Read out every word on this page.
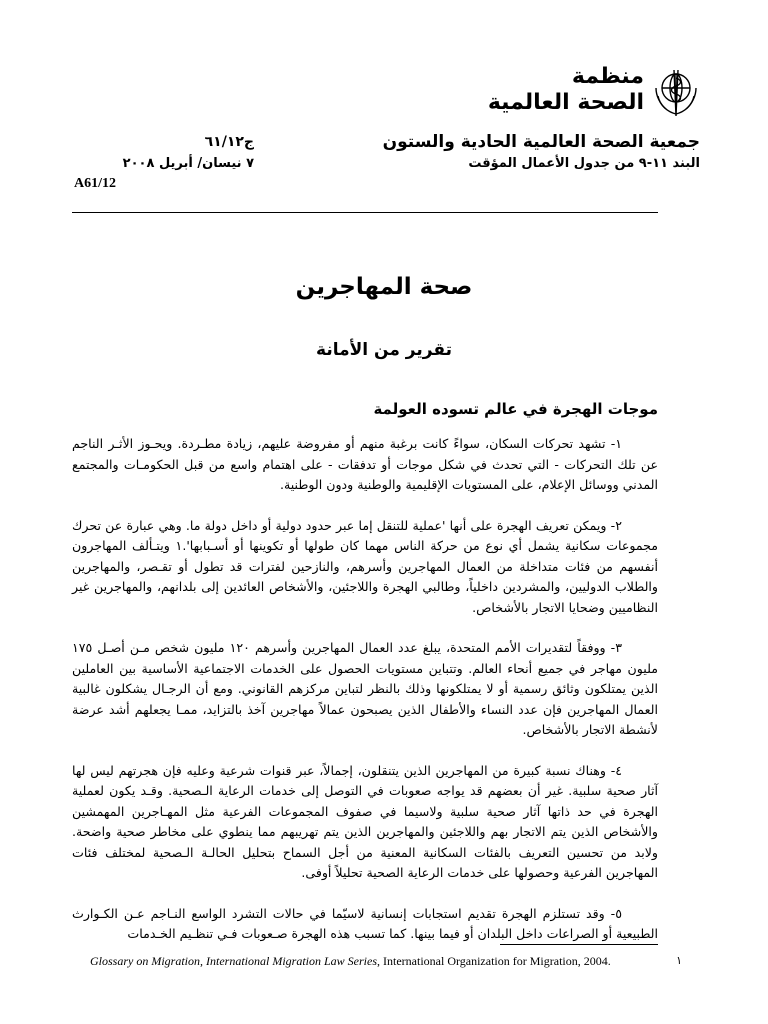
منظمة
الصحة العالمية
جمعية الصحة العالمية الحادية والستون
البند ١١-٩ من جدول الأعمال المؤقت
ج٦١/١٢
٧ نيسان/ أبريل ٢٠٠٨
A61/12
صحة المهاجرين
تقرير من الأمانة
موجات الهجرة في عالم تسوده العولمة

١- تشهد تحركات السكان، سواءً كانت برغبة منهم أو مفروضة عليهم، زيادة مطـردة. ويحـوز الأثـر الناجم عن تلك التحركات - التي تحدث في شكل موجات أو تدفقات - على اهتمام واسع من قبل الحكومـات والمجتمع المدني ووسائل الإعلام، على المستويات الإقليمية والوطنية ودون الوطنية.

٢- ويمكن تعريف الهجرة على أنها 'عملية للتنقل إما عبر حدود دولية أو داخل دولة ما. وهي عبارة عن تحرك مجموعات سكانية يشمل أي نوع من حركة الناس مهما كان طولها أو تكوينها أو أسـبابها'.١ ويتـألف المهاجرون أنفسهم من فئات متداخلة من العمال المهاجرين وأسرهم، والنازحين لفترات قد تطول أو تقـصر، والمهاجرين والطلاب الدوليين، والمشردين داخلياً، وطالبي الهجرة واللاجئين، والأشخاص العائدين إلى بلدانهم، والمهاجرين غير النظاميين وضحايا الاتجار بالأشخاص.

٣- ووفقاً لتقديرات الأمم المتحدة، يبلغ عدد العمال المهاجرين وأسرهم ١٢٠ مليون شخص مـن أصـل ١٧٥ مليون مهاجر في جميع أنحاء العالم. وتتباين مستويات الحصول على الخدمات الاجتماعية الأساسية بين العاملين الذين يمتلكون وثائق رسمية أو لا يمتلكونها وذلك بالنظر لتباين مركزهم القانوني. ومع أن الرجـال يشكلون غالبية العمال المهاجرين فإن عدد النساء والأطفال الذين يصبحون عمالاً مهاجرين آخذ بالتزايد، ممـا يجعلهم أشد عرضة لأنشطة الاتجار بالأشخاص.

٤- وهناك نسبة كبيرة من المهاجرين الذين يتنقلون، إجمالاً، عبر قنوات شرعية وعليه فإن هجرتهم ليس لها آثار صحية سلبية. غير أن بعضهم قد يواجه صعوبات في التوصل إلى خدمات الرعاية الـصحية. وقـد يكون لعملية الهجرة في حد ذاتها آثار صحية سلبية ولاسيما في صفوف المجموعات الفرعية مثل المهـاجرين المهمشين والأشخاص الذين يتم الاتجار بهم واللاجئين والمهاجرين الذين يتم تهريبهم مما ينطوي على مخاطر صحية واضحة. ولابد من تحسين التعريف بالفئات السكانية المعنية من أجل السماح بتحليل الحالـة الـصحية لمختلف فئات المهاجرين الفرعية وحصولها على خدمات الرعاية الصحية تحليلاً أوفى.

٥- وقد تستلزم الهجرة تقديم استجابات إنسانية لاسيّما في حالات التشرد الواسع النـاجم عـن الكـوارث الطبيعية أو الصراعات داخل البلدان أو فيما بينها. كما تسبب هذه الهجرة صـعوبات فـي تنظـيم الخـدمات

Glossary on Migration, International Migration Law Series, International Organization for Migration, 2004.	١
